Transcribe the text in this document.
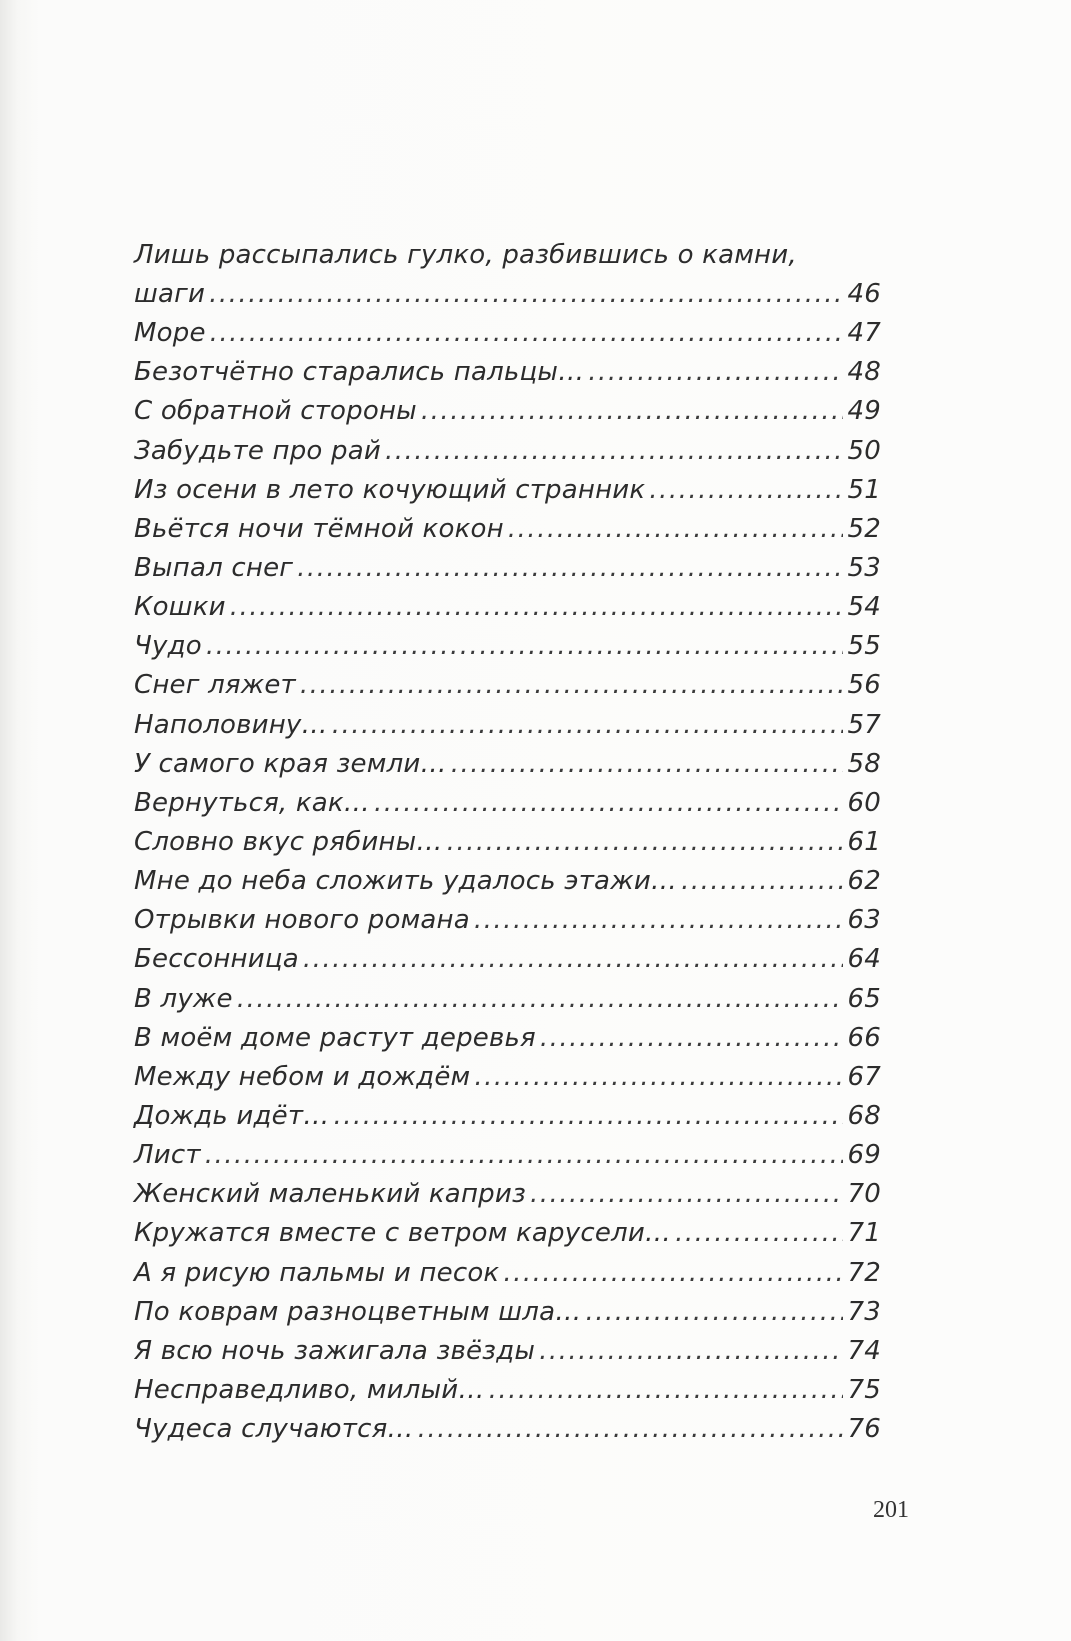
Лишь рассыпались гулко, разбившись о камни,
шаги .....	46
Море .....	47
Безотчётно старались пальцы… .....	48
С обратной стороны .....	49
Забудьте про рай .....	50
Из осени в лето кочующий странник .....	51
Вьётся ночи тёмной кокон .....	52
Выпал снег .....	53
Кошки .....	54
Чудо .....	55
Снег ляжет .....	56
Наполовину… .....	57
У самого края земли… .....	58
Вернуться, как… .....	60
Словно вкус рябины… .....	61
Мне до неба сложить удалось этажи… .....	62
Отрывки нового романа .....	63
Бессонница .....	64
В луже .....	65
В моём доме растут деревья .....	66
Между небом и дождём .....	67
Дождь идёт… .....	68
Лист .....	69
Женский маленький каприз .....	70
Кружатся вместе с ветром карусели… .....	71
А я рисую пальмы и песок .....	72
По коврам разноцветным шла… .....	73
Я всю ночь зажигала звёзды .....	74
Несправедливо, милый… .....	75
Чудеса случаются… .....	76
201
